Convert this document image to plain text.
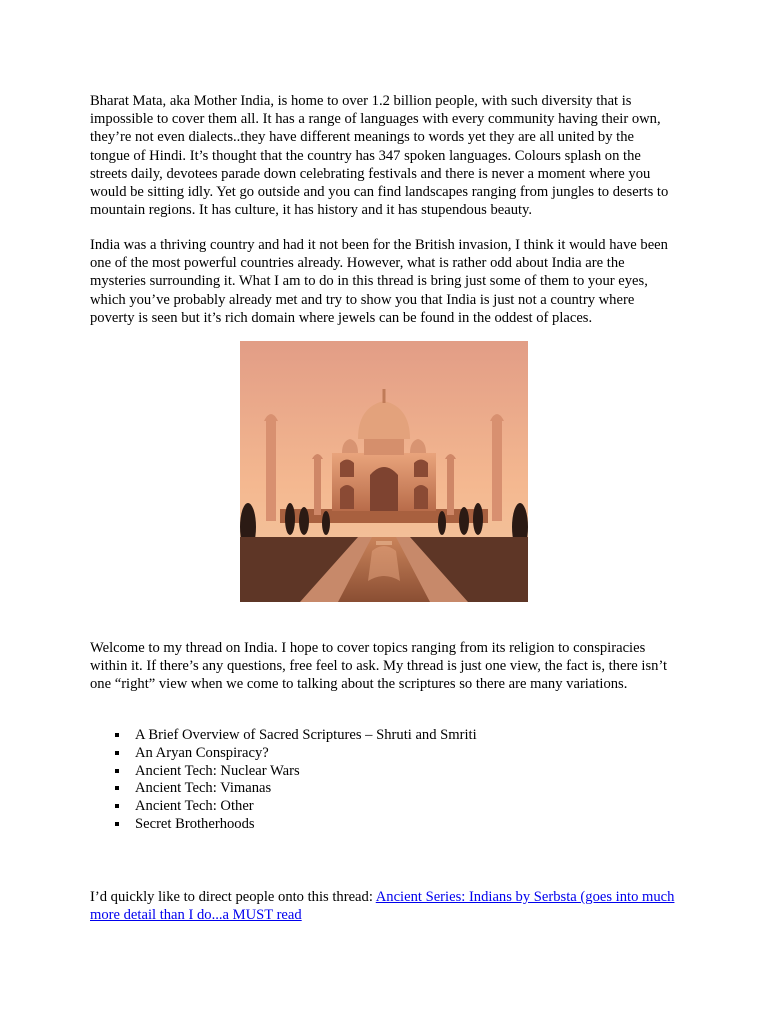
Bharat Mata, aka Mother India, is home to over 1.2 billion people, with such diversity that is impossible to cover them all. It has a range of languages with every community having their own, they’re not even dialects..they have different meanings to words yet they are all united by the tongue of Hindi. It’s thought that the country has 347 spoken languages. Colours splash on the streets daily, devotees parade down celebrating festivals and there is never a moment where you would be sitting idly. Yet go outside and you can find landscapes ranging from jungles to deserts to mountain regions. It has culture, it has history and it has stupendous beauty.

India was a thriving country and had it not been for the British invasion, I think it would have been one of the most powerful countries already. However, what is rather odd about India are the mysteries surrounding it. What I am to do in this thread is bring just some of them to your eyes, which you’ve probably already met and try to show you that India is just not a country where poverty is seen but it’s rich domain where jewels can be found in the oddest of places.

Welcome to my thread on India. I hope to cover topics ranging from its religion to conspiracies within it. If there’s any questions, free feel to ask. My thread is just one view, the fact is, there isn’t one “right” view when we come to talking about the scriptures so there are many variations.

A Brief Overview of Sacred Scriptures – Shruti and Smriti
An Aryan Conspiracy?
Ancient Tech: Nuclear Wars
Ancient Tech: Vimanas
Ancient Tech: Other
Secret Brotherhoods

I’d quickly like to direct people onto this thread: Ancient Series: Indians by Serbsta (goes into much more detail than I do...a MUST read
